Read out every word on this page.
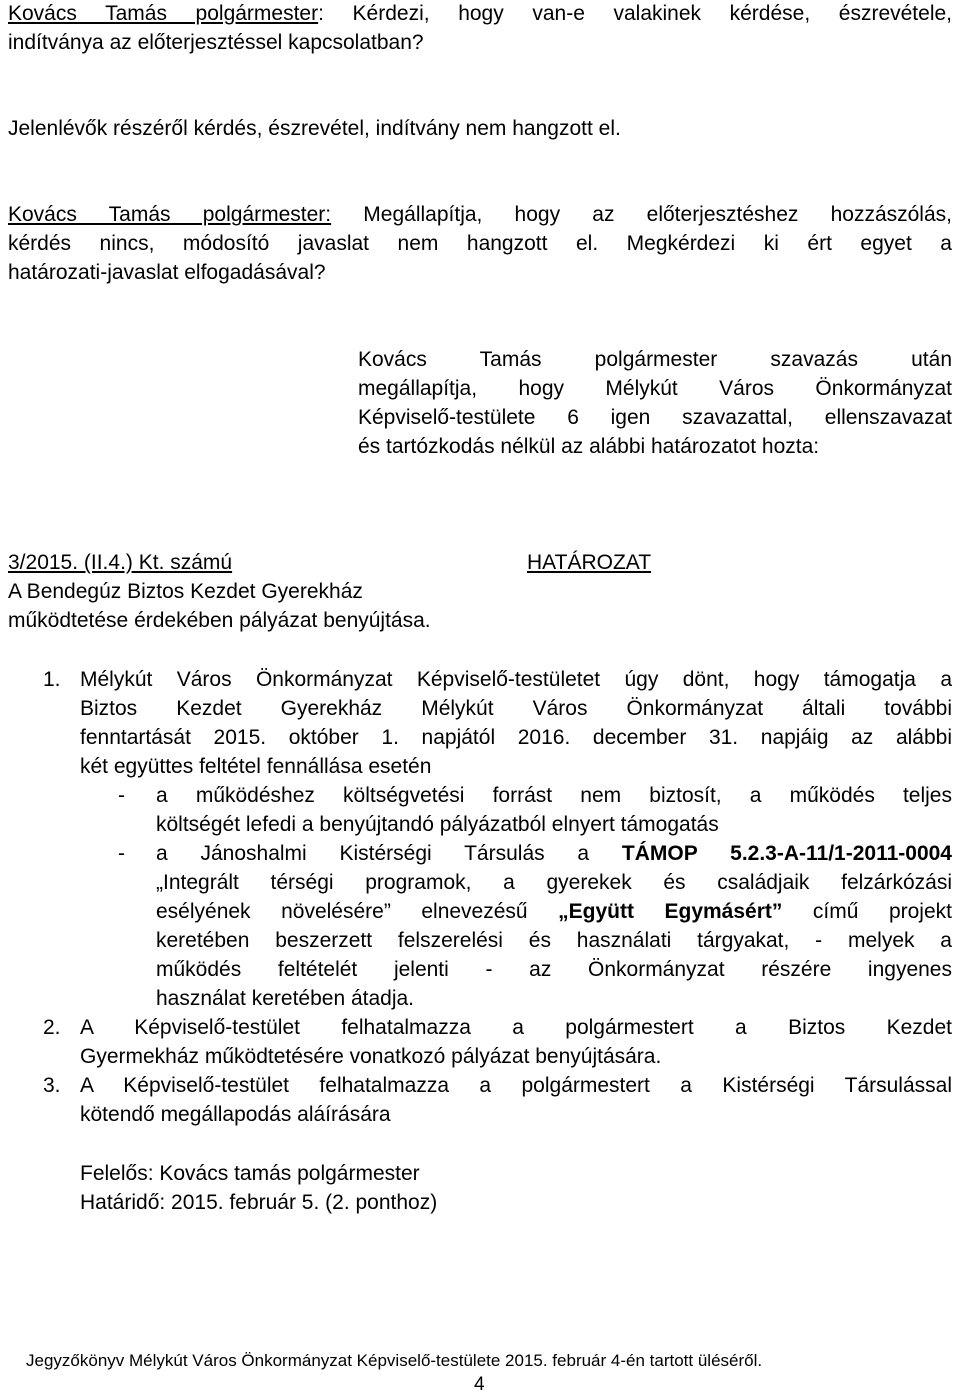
Kovács Tamás polgármester: Kérdezi, hogy van-e valakinek kérdése, észrevétele,
indítványa az előterjesztéssel kapcsolatban?
Jelenlévők részéről kérdés, észrevétel, indítvány nem hangzott el.
Kovács Tamás polgármester: Megállapítja, hogy az előterjesztéshez hozzászólás,
kérdés nincs, módosító javaslat nem hangzott el. Megkérdezi ki ért egyet a
határozati-javaslat elfogadásával?
Kovács Tamás polgármester szavazás után
megállapítja, hogy Mélykút Város Önkormányzat
Képviselő-testülete 6 igen szavazattal, ellenszavazat
és tartózkodás nélkül az alábbi határozatot hozta:
3/2015. (II.4.) Kt. számú	HATÁROZAT
A Bendegúz Biztos Kezdet Gyerekház
működtetése érdekében pályázat benyújtása.
1. Mélykút Város Önkormányzat Képviselő-testületet úgy dönt, hogy támogatja a
Biztos Kezdet Gyerekház Mélykút Város Önkormányzat általi további
fenntartását 2015. október 1. napjától 2016. december 31. napjáig az alábbi
két együttes feltétel fennállása esetén
- a működéshez költségvetési forrást nem biztosít, a működés teljes
költségét lefedi a benyújtandó pályázatból elnyert támogatás
- a Jánoshalmi Kistérségi Társulás a TÁMOP 5.2.3-A-11/1-2011-0004
„Integrált térségi programok, a gyerekek és családjaik felzárkózási
esélyének növelésére” elnevezésű „Együtt Egymásért” című projekt
keretében beszerzett felszerelési és használati tárgyakat, - melyek a
működés feltételét jelenti - az Önkormányzat részére ingyenes
használat keretében átadja.
2. A Képviselő-testület felhatalmazza a polgármestert a Biztos Kezdet
Gyermekház működtetésére vonatkozó pályázat benyújtására.
3. A Képviselő-testület felhatalmazza a polgármestert a Kistérségi Társulással
kötendő megállapodás aláírására
Felelős: Kovács tamás polgármester
Határidő: 2015. február 5. (2. ponthoz)
Jegyzőkönyv Mélykút Város Önkormányzat Képviselő-testülete 2015. február 4-én tartott üléséről.
4
